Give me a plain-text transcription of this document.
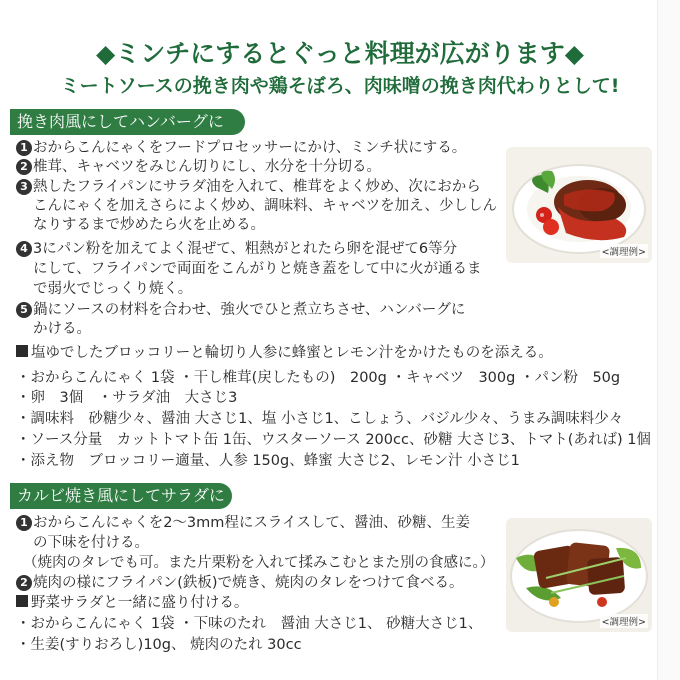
◆ミンチにするとぐっと料理が広がります◆
ミートソースの挽き肉や鶏そぼろ、肉味噌の挽き肉代わりとして!
挽き肉風にしてハンバーグに
1 おからこんにゃくをフードプロセッサーにかけ、ミンチ状にする。
2 椎茸、キャベツをみじん切りにし、水分を十分切る。
3 熱したフライパンにサラダ油を入れて、椎茸をよく炒め、次におから
こんにゃくを加えさらによく炒め、調味料、キャベツを加え、少ししん
なりするまで炒めたら火を止める。
4 3にパン粉を加えてよく混ぜて、粗熱がとれたら卵を混ぜて6等分
にして、フライパンで両面をこんがりと焼き蓋をして中に火が通るま
で弱火でじっくり焼く。
5 鍋にソースの材料を合わせ、強火でひと煮立ちさせ、ハンバーグに
かける。
塩ゆでしたブロッコリーと輪切り人参に蜂蜜とレモン汁をかけたものを添える。
・おからこんにゃく 1袋 ・干し椎茸(戻したもの)　200g ・キャベツ　300g ・パン粉　50g
・卵　3個　・サラダ油　大さじ3
・調味料　砂糖少々、醤油 大さじ1、塩 小さじ1、こしょう、バジル少々、うまみ調味料少々
・ソース分量　カットトマト缶 1缶、ウスターソース 200cc、砂糖 大さじ3、トマト(あれば) 1個
・添え物　ブロッコリー適量、人参 150g、蜂蜜 大さじ2、レモン汁 小さじ1
<調理例>
カルビ焼き風にしてサラダに
1 おからこんにゃくを2〜3mm程にスライスして、醤油、砂糖、生姜
の下味を付ける。
（焼肉のタレでも可。また片栗粉を入れて揉みこむとまた別の食感に。）
2 焼肉の様にフライパン(鉄板)で焼き、焼肉のタレをつけて食べる。
野菜サラダと一緒に盛り付ける。
・おからこんにゃく 1袋 ・下味のたれ　醤油 大さじ1、 砂糖大さじ1、
・生姜(すりおろし)10g、 焼肉のたれ 30cc
<調理例>
